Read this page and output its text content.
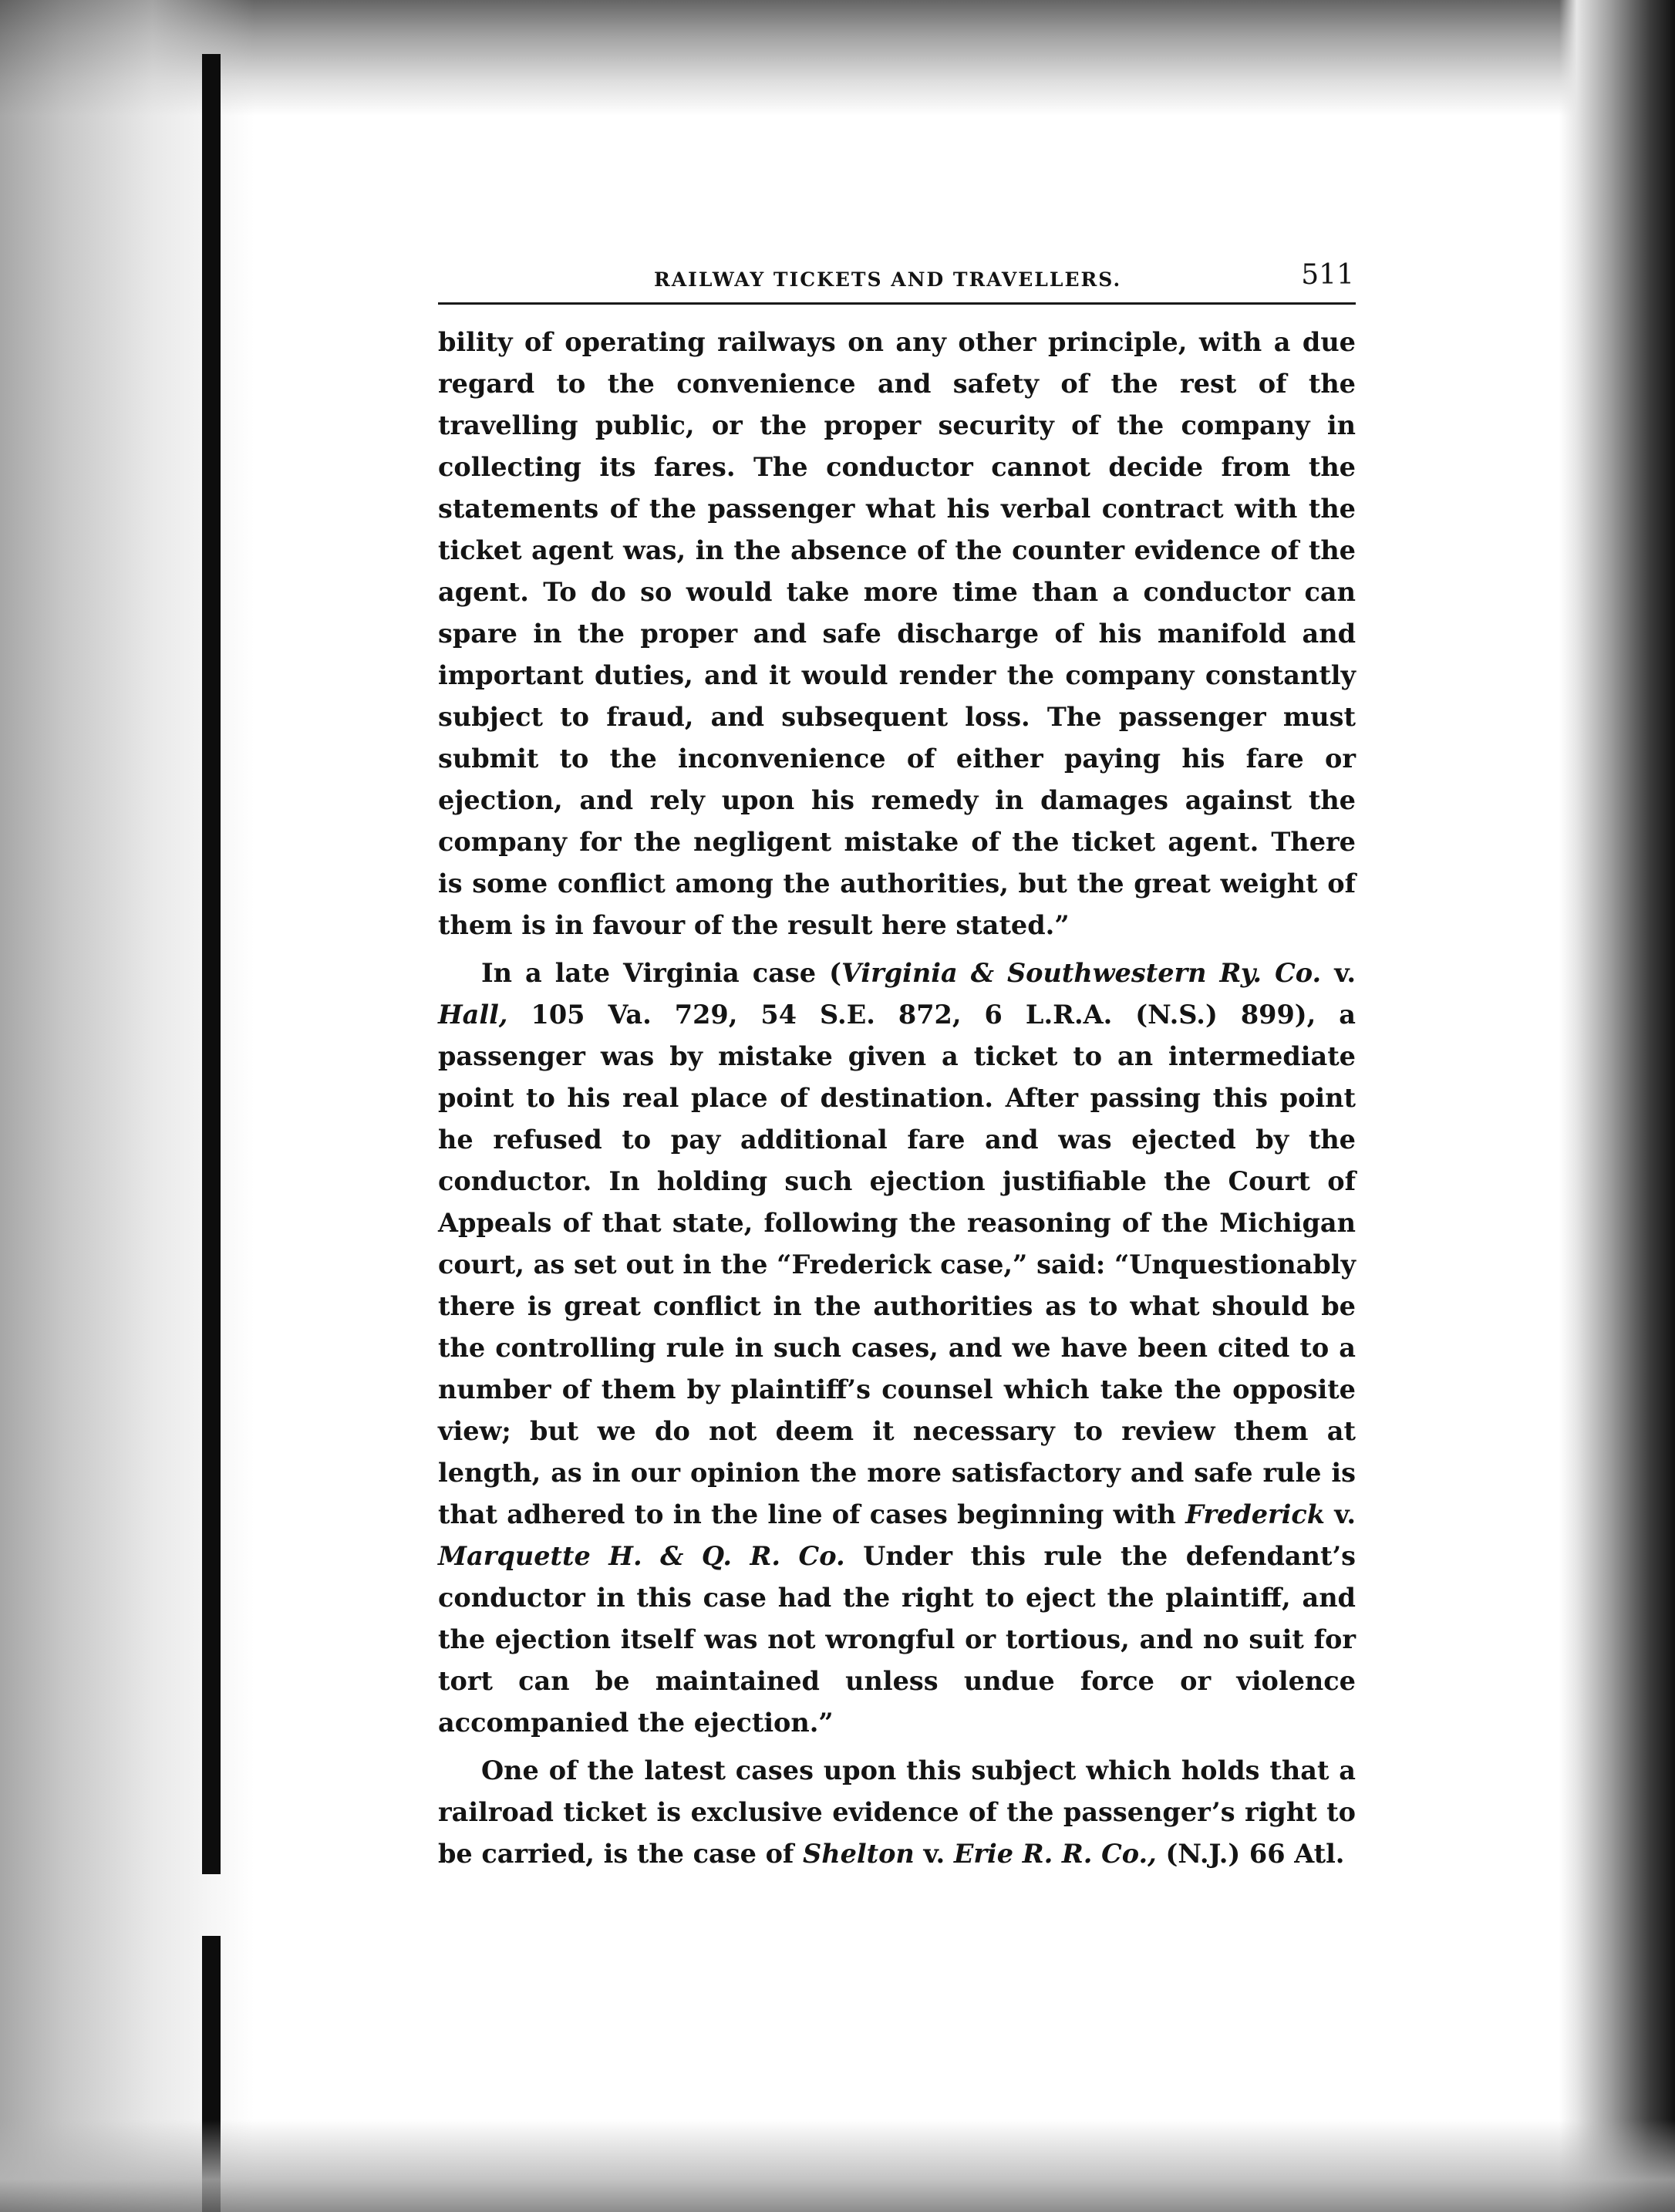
RAILWAY TICKETS AND TRAVELLERS.	511

bility of operating railways on any other principle, with a due regard to the convenience and safety of the rest of the travelling public, or the proper security of the company in collecting its fares. The conductor cannot decide from the statements of the passenger what his verbal contract with the ticket agent was, in the absence of the counter evidence of the agent. To do so would take more time than a conductor can spare in the proper and safe discharge of his manifold and important duties, and it would render the company constantly subject to fraud, and subsequent loss. The passenger must submit to the inconvenience of either paying his fare or ejection, and rely upon his remedy in damages against the company for the negligent mistake of the ticket agent. There is some conflict among the authorities, but the great weight of them is in favour of the result here stated.”

In a late Virginia case (Virginia & Southwestern Ry. Co. v. Hall, 105 Va. 729, 54 S.E. 872, 6 L.R.A. (N.S.) 899), a passenger was by mistake given a ticket to an intermediate point to his real place of destination. After passing this point he refused to pay additional fare and was ejected by the conductor. In holding such ejection justifiable the Court of Appeals of that state, following the reasoning of the Michigan court, as set out in the “Frederick case,” said: “Unquestionably there is great conflict in the authorities as to what should be the controlling rule in such cases, and we have been cited to a number of them by plaintiff’s counsel which take the opposite view; but we do not deem it necessary to review them at length, as in our opinion the more satisfactory and safe rule is that adhered to in the line of cases beginning with Frederick v. Marquette H. & Q. R. Co. Under this rule the defendant’s conductor in this case had the right to eject the plaintiff, and the ejection itself was not wrongful or tortious, and no suit for tort can be maintained unless undue force or violence accompanied the ejection.”

One of the latest cases upon this subject which holds that a railroad ticket is exclusive evidence of the passenger’s right to be carried, is the case of Shelton v. Erie R. R. Co., (N.J.) 66 Atl.
